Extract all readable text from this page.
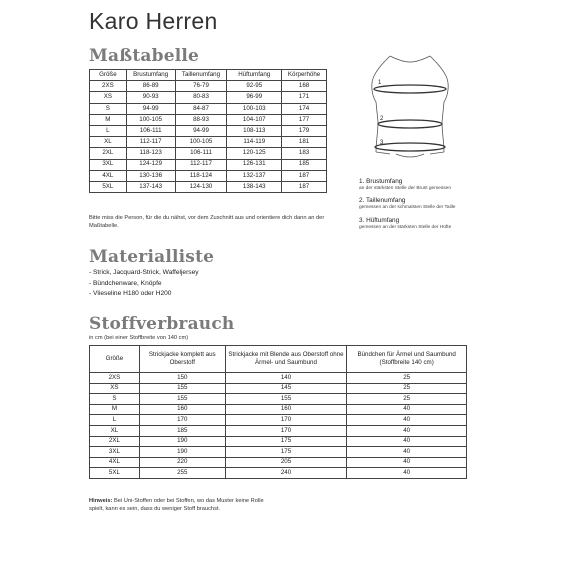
Karo Herren
Maßtabelle
Größe	Brustumfang	Taillenumfang	Hüftumfang	Körperhöhe
2XS	86-89	76-79	92-95	168
XS	90-93	80-83	96-99	171
S	94-99	84-87	100-103	174
M	100-105	88-93	104-107	177
L	106-111	94-99	108-113	179
XL	112-117	100-105	114-119	181
2XL	118-123	106-111	120-125	183
3XL	124-129	112-117	126-131	185
4XL	130-136	118-124	132-137	187
5XL	137-143	124-130	138-143	187
Bitte miss die Person, für die du nähst, vor dem Zuschnitt aus und orientiere dich dann an der Maßtabelle.
1
2
3
1. Brustumfang
an der stärksten Stelle der Brust gemessen
2. Taillenumfang
gemessen an der schmalsten Stelle der Taille
3. Hüftumfang
gemessen an der stärksten Stelle der Hüfte
Materialliste
- Strick, Jacquard-Strick, Waffeljersey
- Bündchenware, Knöpfe
- Vlieseline H180 oder H200
Stoffverbrauch
in cm (bei einer Stoffbreite von 140 cm)
Größe	Strickjacke komplett aus Oberstoff	Strickjacke mit Blende aus Oberstoff ohne Ärmel- und Saumbund	Bündchen für Ärmel und Saumbund (Stoffbreite 140 cm)
2XS	150	140	25
XS	155	145	25
S	155	155	25
M	160	160	40
L	170	170	40
XL	185	170	40
2XL	190	175	40
3XL	190	175	40
4XL	220	205	40
5XL	255	240	40
Hinweis: Bei Uni-Stoffen oder bei Stoffen, wo das Muster keine Rolle
spielt, kann es sein, dass du weniger Stoff brauchst.
